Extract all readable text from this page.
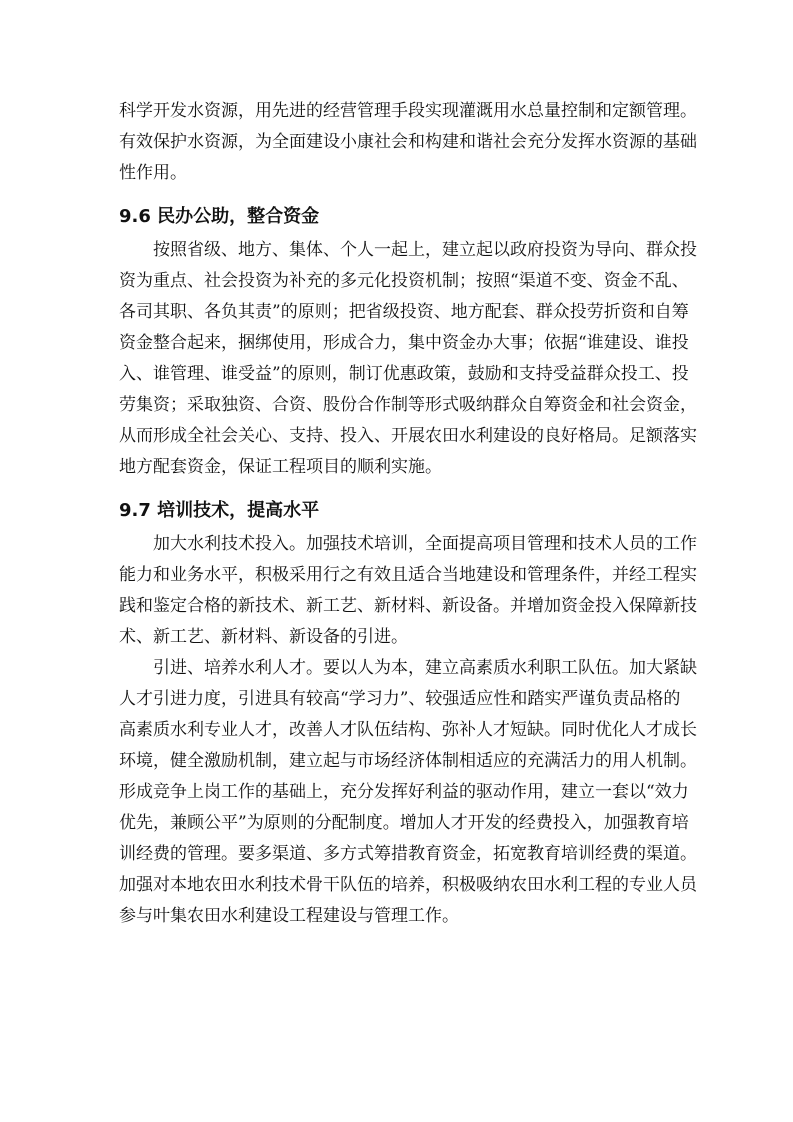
科学开发水资源，用先进的经营管理手段实现灌溉用水总量控制和定额管理。
有效保护水资源，为全面建设小康社会和构建和谐社会充分发挥水资源的基础
性作用。

9.6 民办公助，整合资金

按照省级、地方、集体、个人一起上，建立起以政府投资为导向、群众投
资为重点、社会投资为补充的多元化投资机制；按照“渠道不变、资金不乱、
各司其职、各负其责”的原则；把省级投资、地方配套、群众投劳折资和自筹
资金整合起来，捆绑使用，形成合力，集中资金办大事；依据“谁建设、谁投
入、谁管理、谁受益”的原则，制订优惠政策，鼓励和支持受益群众投工、投
劳集资；采取独资、合资、股份合作制等形式吸纳群众自筹资金和社会资金，
从而形成全社会关心、支持、投入、开展农田水利建设的良好格局。足额落实
地方配套资金，保证工程项目的顺利实施。

9.7 培训技术，提高水平

加大水利技术投入。加强技术培训，全面提高项目管理和技术人员的工作
能力和业务水平，积极采用行之有效且适合当地建设和管理条件，并经工程实
践和鉴定合格的新技术、新工艺、新材料、新设备。并增加资金投入保障新技
术、新工艺、新材料、新设备的引进。

引进、培养水利人才。要以人为本，建立高素质水利职工队伍。加大紧缺
人才引进力度，引进具有较高“学习力”、较强适应性和踏实严谨负责品格的
高素质水利专业人才，改善人才队伍结构、弥补人才短缺。同时优化人才成长
环境，健全激励机制，建立起与市场经济体制相适应的充满活力的用人机制。
形成竞争上岗工作的基础上，充分发挥好利益的驱动作用，建立一套以“效力
优先，兼顾公平”为原则的分配制度。增加人才开发的经费投入，加强教育培
训经费的管理。要多渠道、多方式筹措教育资金，拓宽教育培训经费的渠道。
加强对本地农田水利技术骨干队伍的培养，积极吸纳农田水利工程的专业人员
参与叶集农田水利建设工程建设与管理工作。
